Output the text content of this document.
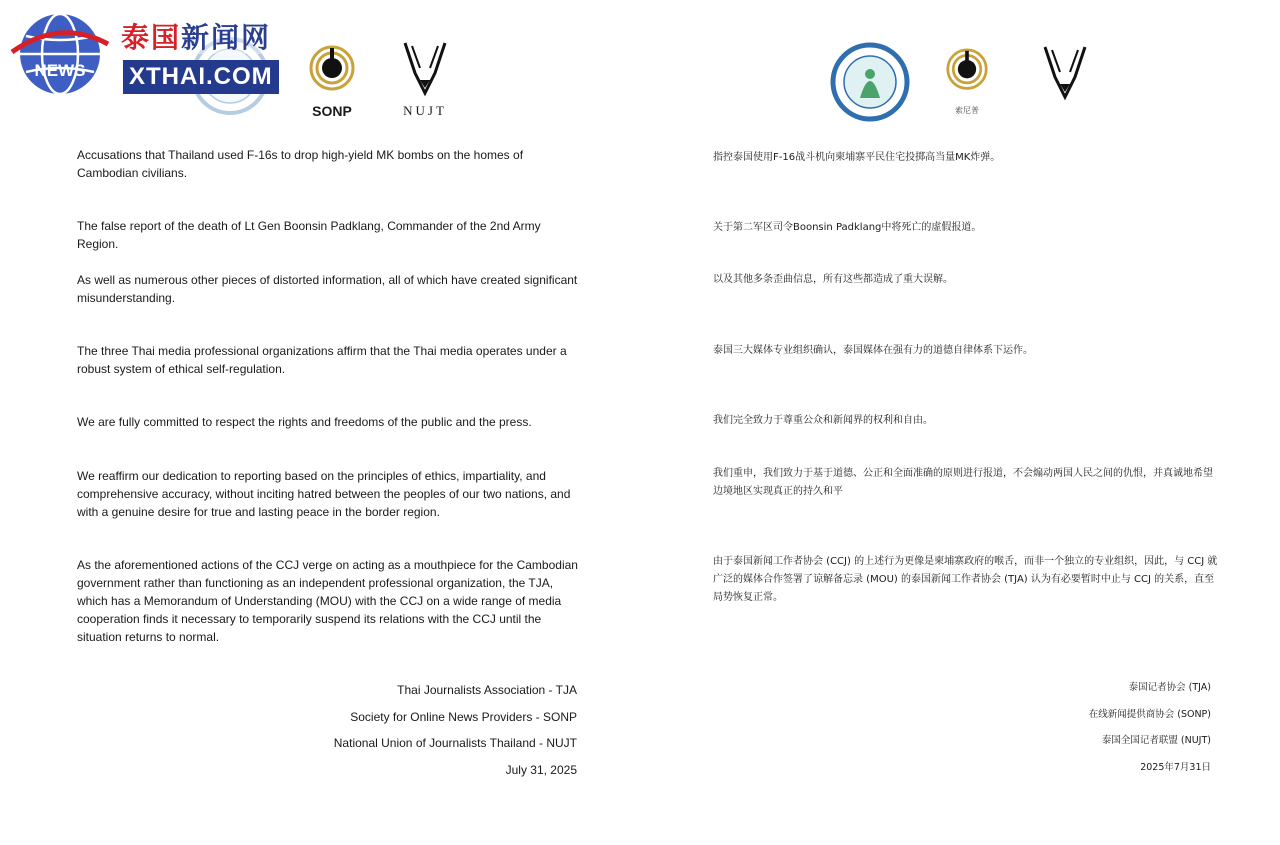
SONP	NUJT
Accusations that Thailand used F-16s to drop high-yield MK bombs on the homes of Cambodian civilians.
The false report of the death of Lt Gen Boonsin Padklang, Commander of the 2nd Army Region.
As well as numerous other pieces of distorted information, all of which have created significant misunderstanding.
The three Thai media professional organizations affirm that the Thai media operates under a robust system of ethical self-regulation.
We are fully committed to respect the rights and freedoms of the public and the press.
We reaffirm our dedication to reporting based on the principles of ethics, impartiality, and comprehensive accuracy, without inciting hatred between the peoples of our two nations, and with a genuine desire for true and lasting peace in the border region.
As the aforementioned actions of the CCJ verge on acting as a mouthpiece for the Cambodian government rather than functioning as an independent professional organization, the TJA, which has a Memorandum of Understanding (MOU) with the CCJ on a wide range of media cooperation finds it necessary to temporarily suspend its relations with the CCJ until the situation returns to normal.
Thai Journalists Association - TJA
Society for Online News Providers - SONP
National Union of Journalists Thailand - NUJT
July 31, 2025
索尼普
指控泰国使用F-16战斗机向柬埔寨平民住宅投掷高当量MK炸弹。
关于第二军区司令Boonsin Padklang中将死亡的虚假报道。
以及其他多条歪曲信息，所有这些都造成了重大误解。
泰国三大媒体专业组织确认，泰国媒体在强有力的道德自律体系下运作。
我们完全致力于尊重公众和新闻界的权利和自由。
我们重申，我们致力于基于道德、公正和全面准确的原则进行报道，不会煽动两国人民之间的仇恨，并真诚地希望边境地区实现真正的持久和平
由于泰国新闻工作者协会 (CCJ) 的上述行为更像是柬埔寨政府的喉舌，而非一个独立的专业组织，因此，与 CCJ 就广泛的媒体合作签署了谅解备忘录 (MOU) 的泰国新闻工作者协会 (TJA) 认为有必要暂时中止与 CCJ 的关系，直至局势恢复正常。
泰国记者协会 (TJA)
在线新闻提供商协会 (SONP)
泰国全国记者联盟 (NUJT)
2025年7月31日
NEWS
泰国新闻网
XTHAI.COM
